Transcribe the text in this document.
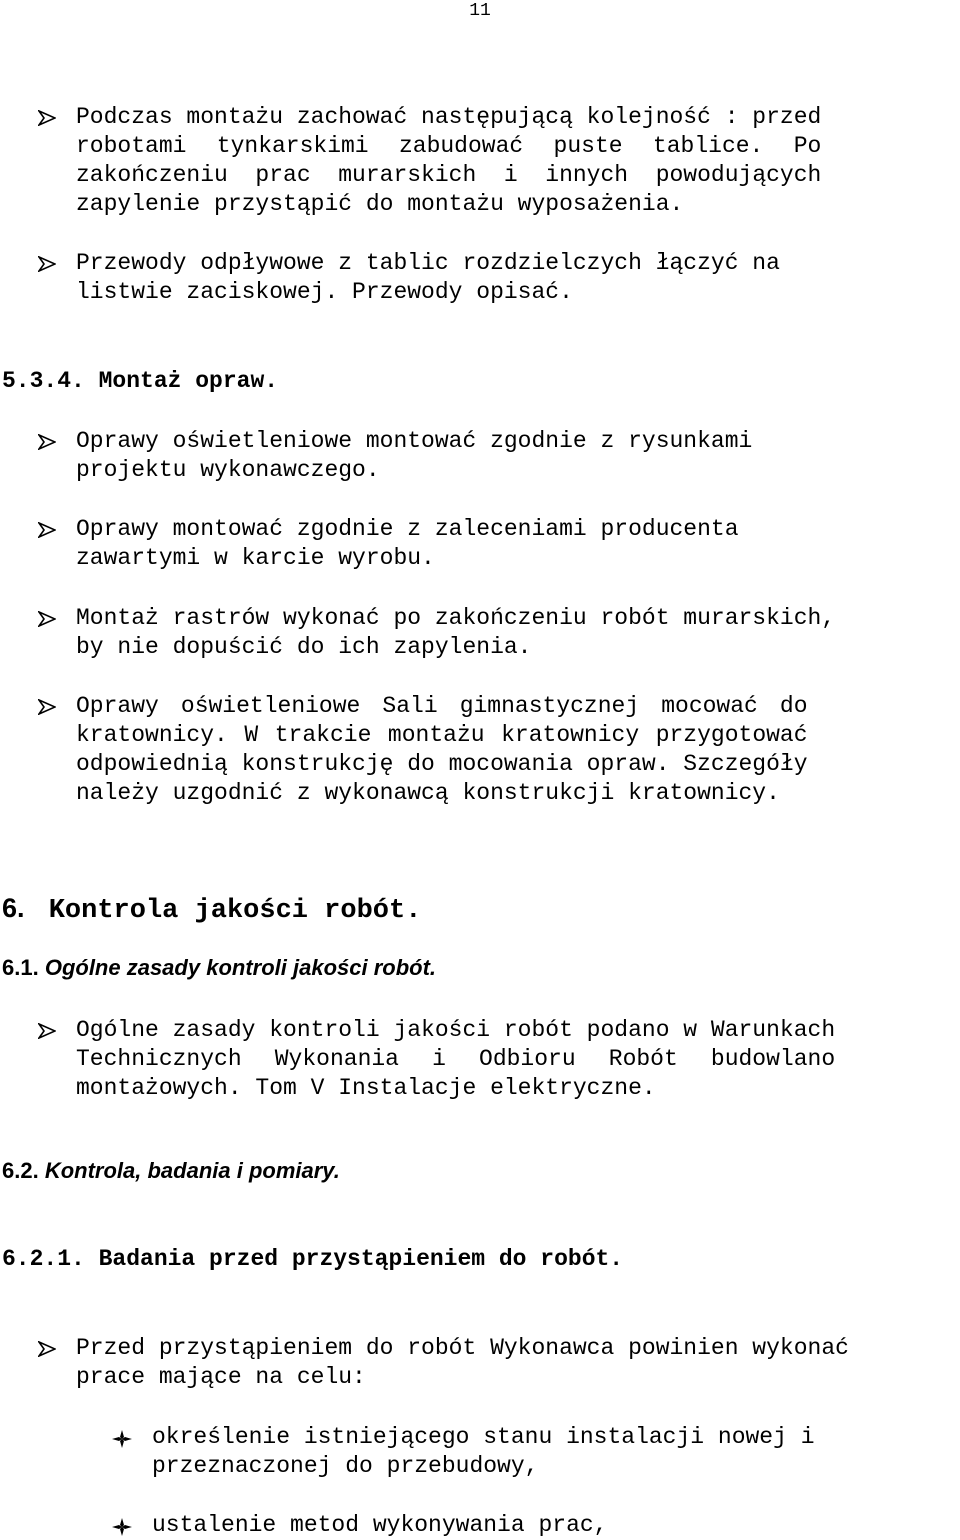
11
Podczas montażu zachować następującą kolejność : przed
robotami tynkarskimi zabudować puste tablice. Po
zakończeniu prac murarskich i innych powodujących
zapylenie przystąpić do montażu wyposażenia.
Przewody odpływowe z tablic rozdzielczych łączyć na
listwie zaciskowej. Przewody opisać.
5.3.4. Montaż opraw.
Oprawy oświetleniowe montować zgodnie z rysunkami
projektu wykonawczego.
Oprawy montować zgodnie z zaleceniami producenta
zawartymi w karcie wyrobu.
Montaż rastrów wykonać po zakończeniu robót murarskich,
by nie dopuścić do ich zapylenia.
Oprawy oświetleniowe Sali gimnastycznej mocować do
kratownicy. W trakcie montażu kratownicy przygotować
odpowiednią konstrukcję do mocowania opraw. Szczegóły
należy uzgodnić z wykonawcą konstrukcji kratownicy.
6. Kontrola jakości robót.
6.1. Ogólne zasady kontroli jakości robót.
Ogólne zasady kontroli jakości robót podano w Warunkach
Technicznych Wykonania i Odbioru Robót budowlano
montażowych. Tom V Instalacje elektryczne.
6.2. Kontrola, badania i pomiary.
6.2.1. Badania przed przystąpieniem do robót.
Przed przystąpieniem do robót Wykonawca powinien wykonać
prace mające na celu:
określenie istniejącego stanu instalacji nowej i
przeznaczonej do przebudowy,
ustalenie metod wykonywania prac,
